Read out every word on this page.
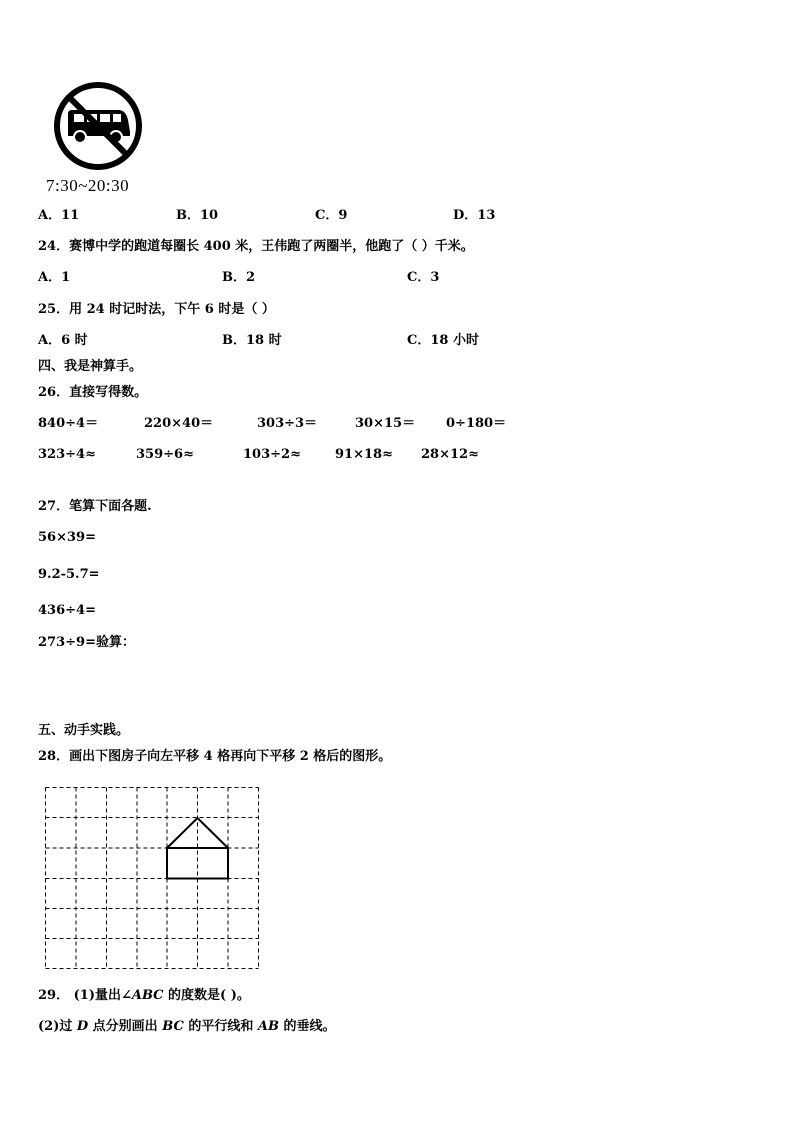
7:30~20:30
A．11	B．10	C．9	D．13
24．赛博中学的跑道每圈长 400 米，王伟跑了两圈半，他跑了（ ）千米。
A．1	B．2	C．3
25．用 24 时记时法，下午 6 时是（ ）
A．6 时	B．18 时	C．18 小时
四、我是神算手。
26．直接写得数。
840÷4＝	220×40＝	303÷3＝	30×15＝ 0÷180＝
323÷4≈	359÷6≈	103÷2≈	91×18≈ 28×12≈
27．笔算下面各题.
56×39=
9.2-5.7=
436÷4=
273÷9=验算：
五、动手实践。
28．画出下图房子向左平移 4 格再向下平移 2 格后的图形。
29． (1)量出∠ABC 的度数是( )。
(2)过 D 点分别画出 BC 的平行线和 AB 的垂线。
